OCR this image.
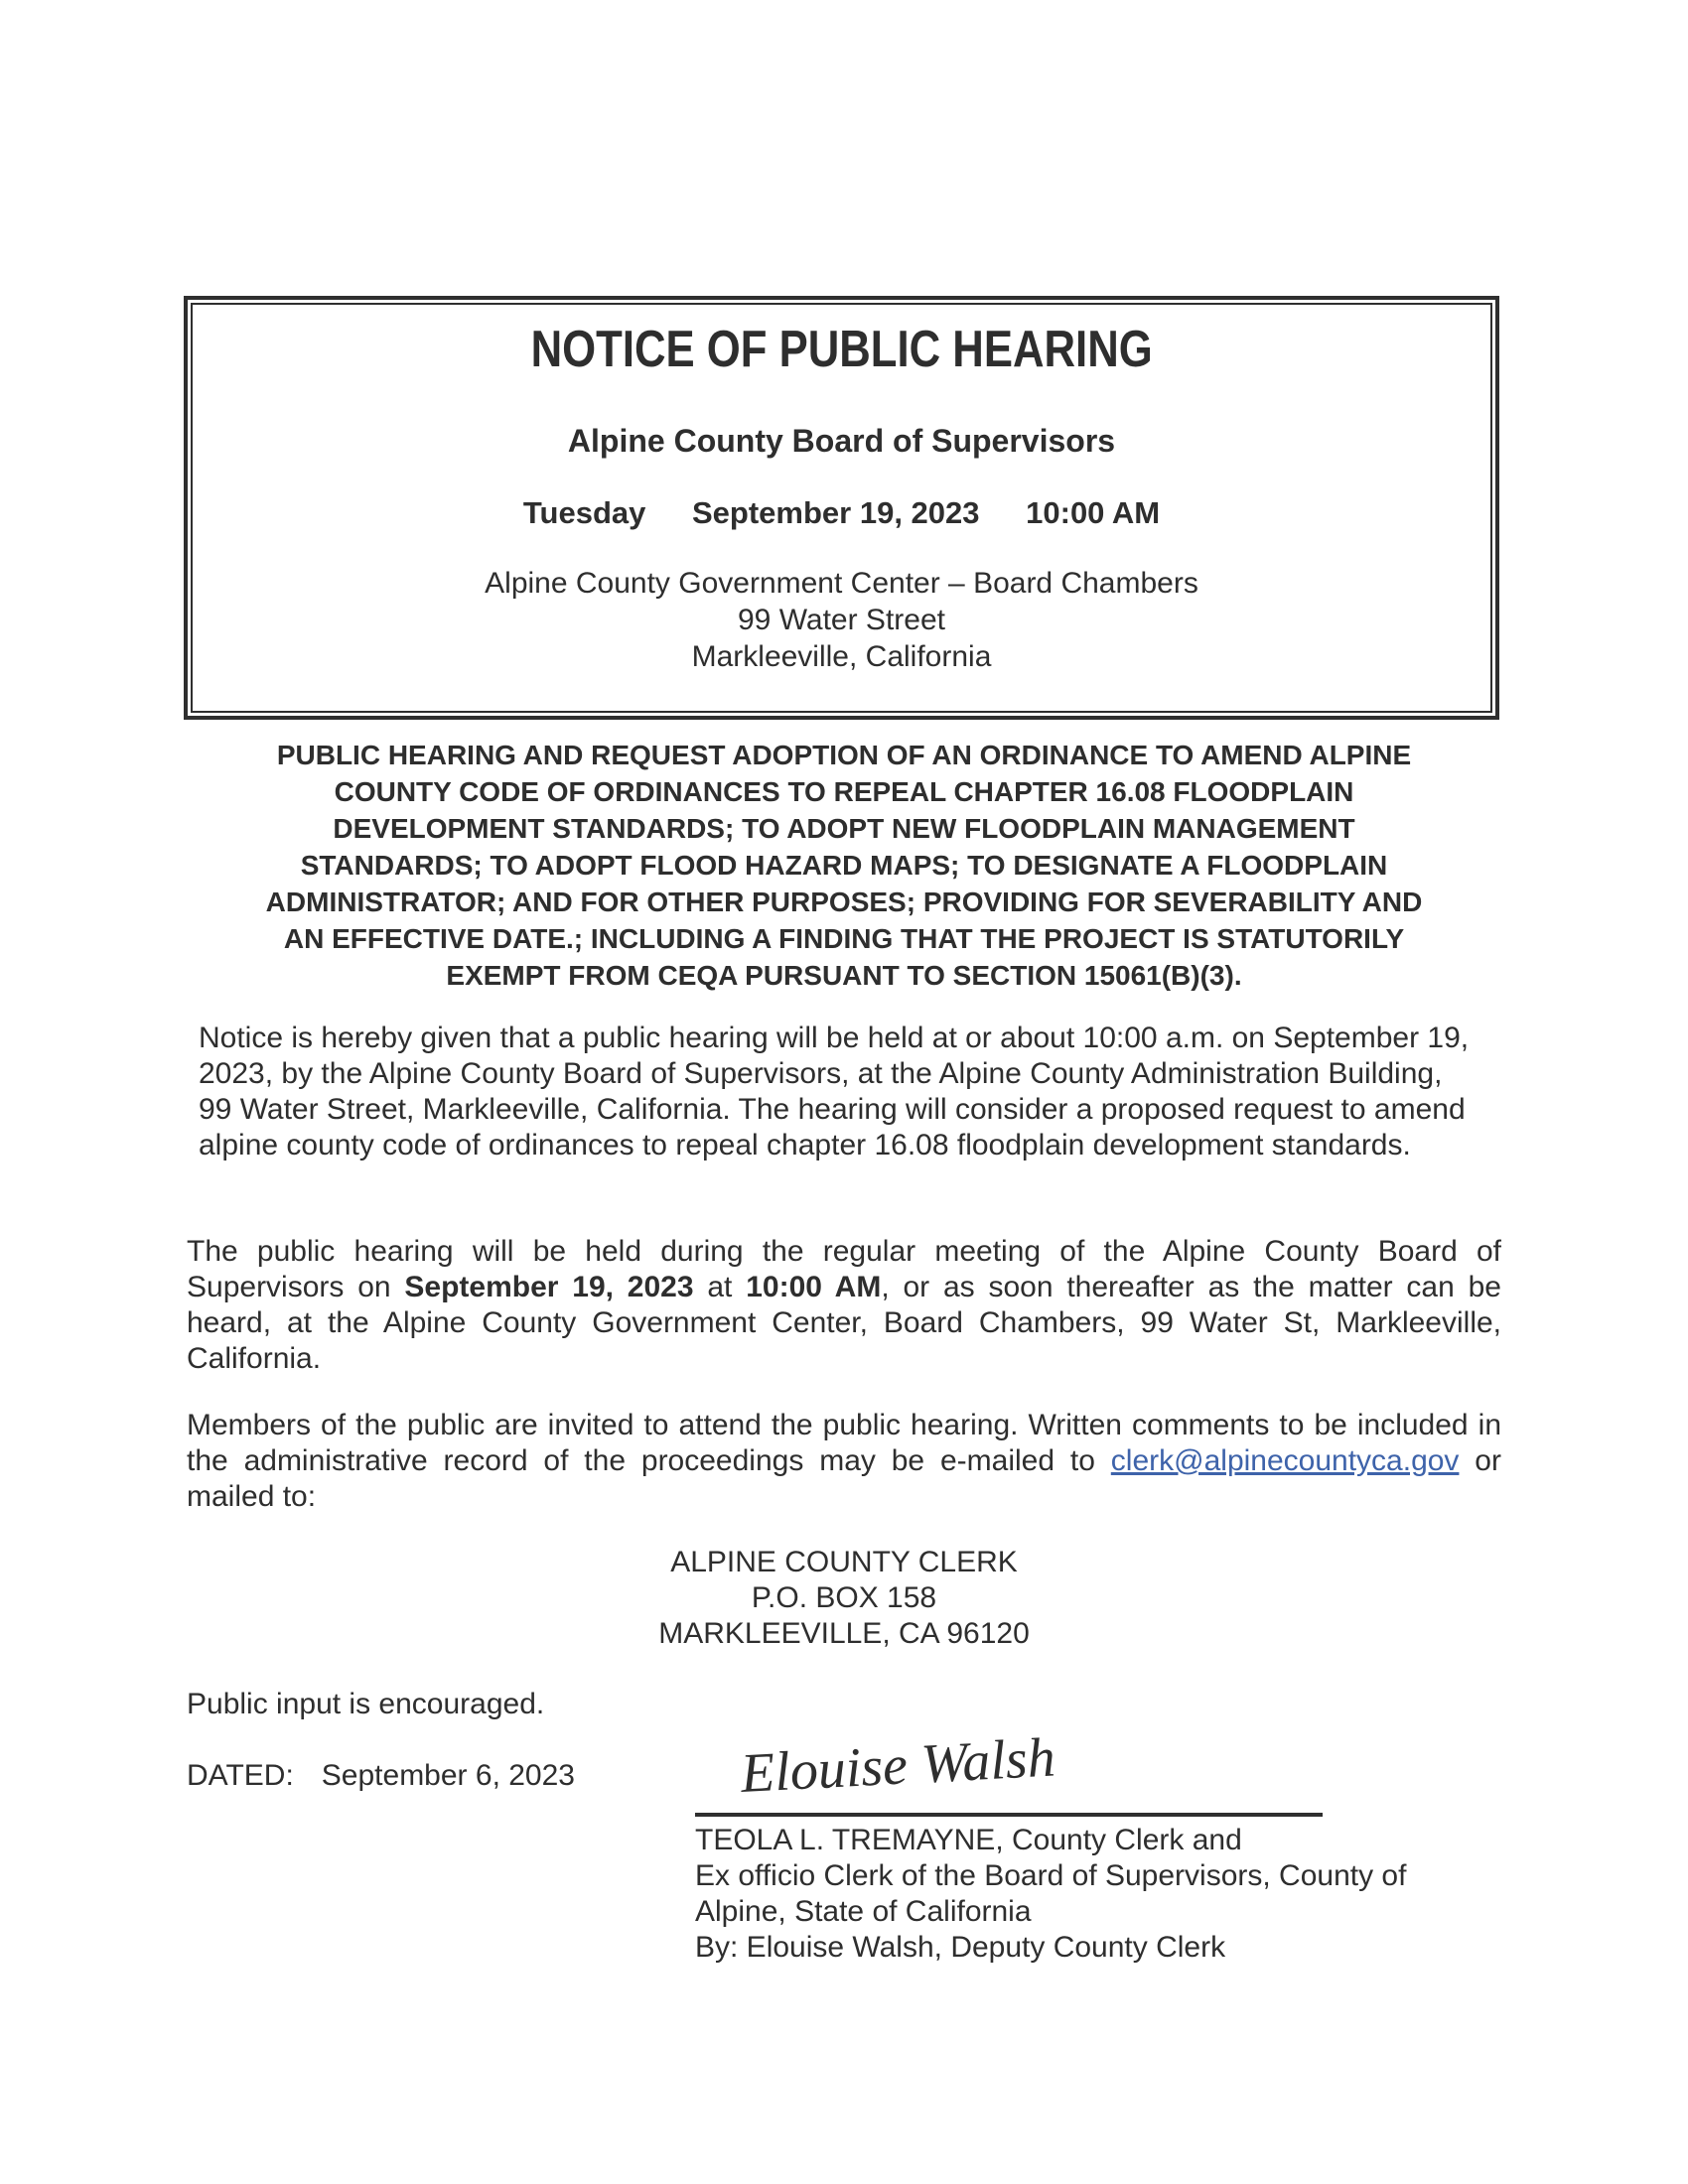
NOTICE OF PUBLIC HEARING
Alpine County Board of Supervisors
Tuesday September 19, 2023 10:00 AM
Alpine County Government Center – Board Chambers
99 Water Street
Markleeville, California
PUBLIC HEARING AND REQUEST ADOPTION OF AN ORDINANCE TO AMEND ALPINE
COUNTY CODE OF ORDINANCES TO REPEAL CHAPTER 16.08 FLOODPLAIN
DEVELOPMENT STANDARDS; TO ADOPT NEW FLOODPLAIN MANAGEMENT
STANDARDS; TO ADOPT FLOOD HAZARD MAPS; TO DESIGNATE A FLOODPLAIN
ADMINISTRATOR; AND FOR OTHER PURPOSES; PROVIDING FOR SEVERABILITY AND
AN EFFECTIVE DATE.; INCLUDING A FINDING THAT THE PROJECT IS STATUTORILY
EXEMPT FROM CEQA PURSUANT TO SECTION 15061(B)(3).

Notice is hereby given that a public hearing will be held at or about 10:00 a.m. on September 19, 2023, by the Alpine County Board of Supervisors, at the Alpine County Administration Building, 99 Water Street, Markleeville, California. The hearing will consider a proposed request to amend alpine county code of ordinances to repeal chapter 16.08 floodplain development standards.

The public hearing will be held during the regular meeting of the Alpine County Board of Supervisors on September 19, 2023 at 10:00 AM, or as soon thereafter as the matter can be heard, at the Alpine County Government Center, Board Chambers, 99 Water St, Markleeville, California.

Members of the public are invited to attend the public hearing. Written comments to be included in the administrative record of the proceedings may be e-mailed to clerk@alpinecountyca.gov or mailed to:

ALPINE COUNTY CLERK
P.O. BOX 158
MARKLEEVILLE, CA 96120

Public input is encouraged.

DATED: September 6, 2023	Elouise Walsh
TEOLA L. TREMAYNE, County Clerk and
Ex officio Clerk of the Board of Supervisors, County of
Alpine, State of California
By: Elouise Walsh, Deputy County Clerk
